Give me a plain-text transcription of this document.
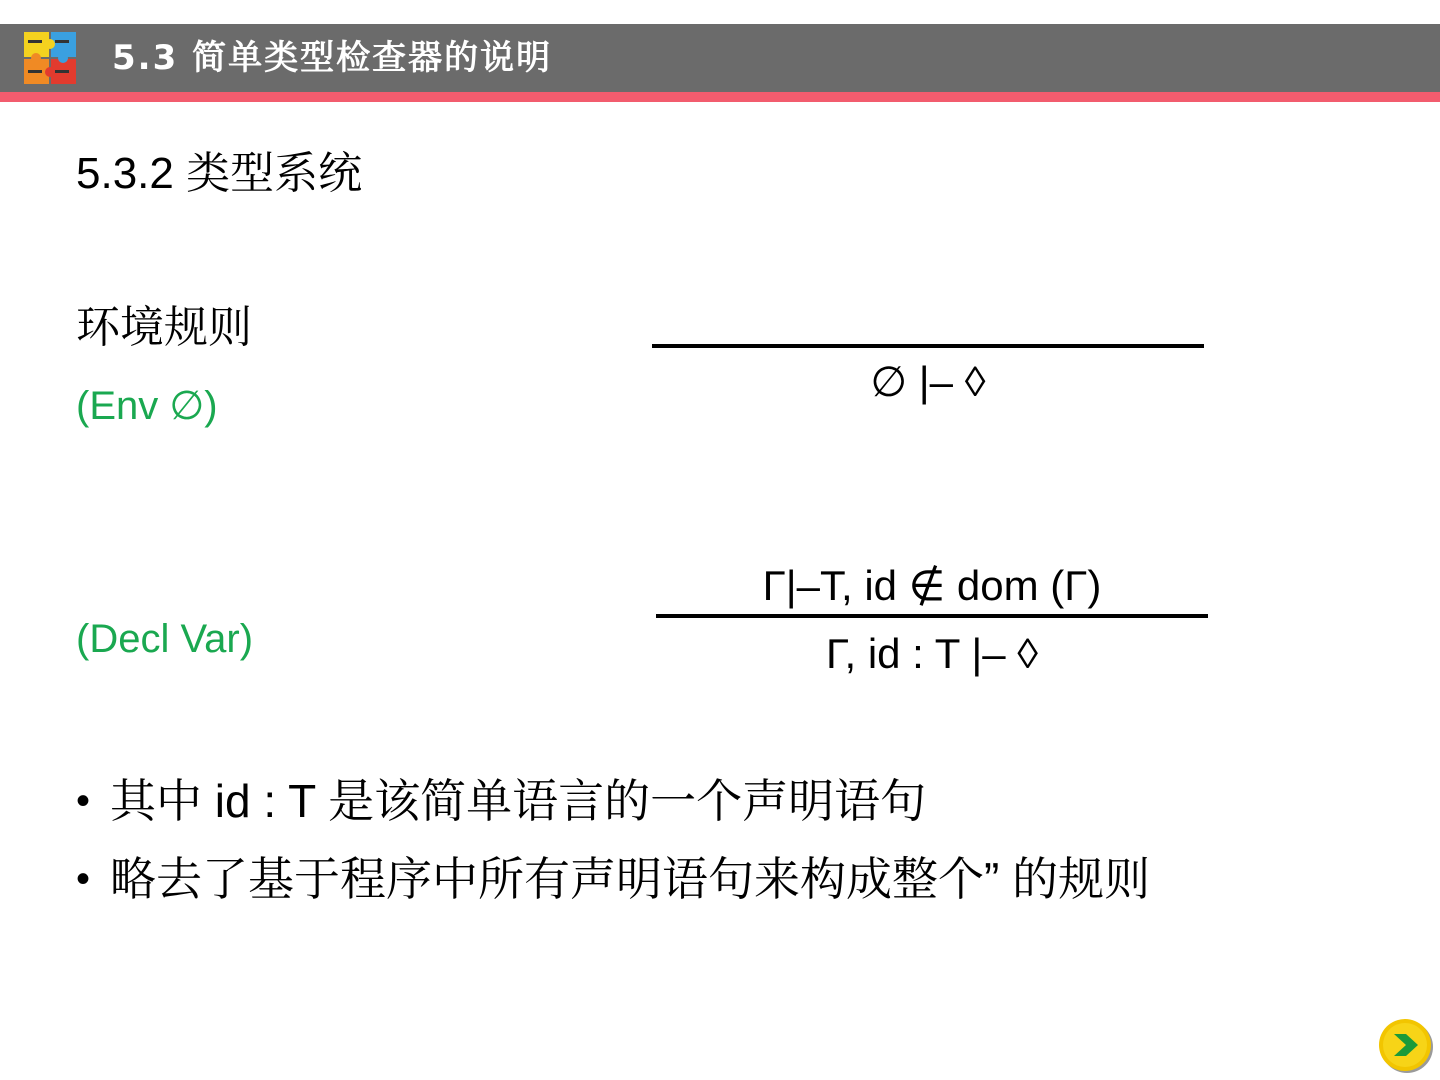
5.3 简单类型检查器的说明
5.3.2 类型系统
环境规则
(Env ∅)
∅ |– ◊
Γ|–T, id ∉ dom (Γ)
Γ, id : T |– ◊
(Decl Var)
• 其中 id : T 是该简单语言的一个声明语句
• 略去了基于程序中所有声明语句来构成整个” 的规则
